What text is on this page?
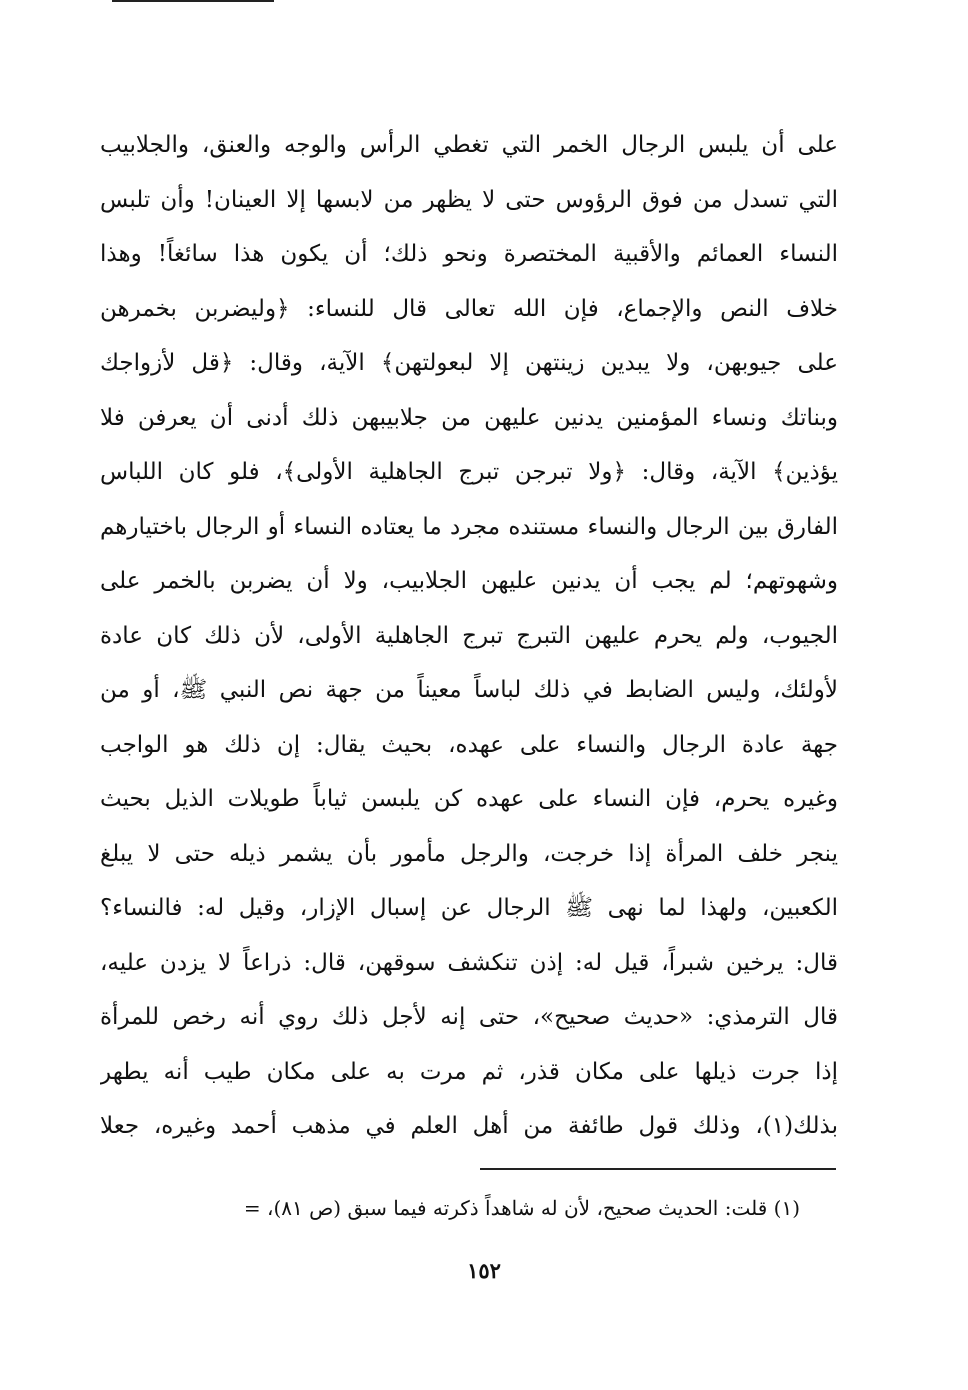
على أن يلبس الرجال الخمر التي تغطي الرأس والوجه والعنق، والجلابيب
التي تسدل من فوق الرؤوس حتى لا يظهر من لابسها إلا العينان! وأن تلبس
النساء العمائم والأقبية المختصرة ونحو ذلك؛ أن يكون هذا سائغاً! وهذا
خلاف النص والإجماع، فإن الله تعالى قال للنساء: ﴿وليضربن بخمرهن
على جيوبهن، ولا يبدين زينتهن إلا لبعولتهن﴾ الآية، وقال: ﴿قل لأزواجك
وبناتك ونساء المؤمنين يدنين عليهن من جلابيبهن ذلك أدنى أن يعرفن فلا
يؤذين﴾ الآية، وقال: ﴿ولا تبرجن تبرج الجاهلية الأولى﴾، فلو كان اللباس
الفارق بين الرجال والنساء مستنده مجرد ما يعتاده النساء أو الرجال باختيارهم
وشهوتهم؛ لم يجب أن يدنين عليهن الجلابيب، ولا أن يضربن بالخمر على
الجيوب، ولم يحرم عليهن التبرج تبرج الجاهلية الأولى، لأن ذلك كان عادة
لأولئك، وليس الضابط في ذلك لباساً معيناً من جهة نص النبي ﷺ، أو من
جهة عادة الرجال والنساء على عهده، بحيث يقال: إن ذلك هو الواجب
وغيره يحرم، فإن النساء على عهده كن يلبسن ثياباً طويلات الذيل بحيث
ينجر خلف المرأة إذا خرجت، والرجل مأمور بأن يشمر ذيله حتى لا يبلغ
الكعبين، ولهذا لما نهى ﷺ الرجال عن إسبال الإزار، وقيل له: فالنساء؟
قال: يرخين شبراً، قيل له: إذن تنكشف سوقهن، قال: ذراعاً لا يزدن عليه،
قال الترمذي: «حديث صحيح»، حتى إنه لأجل ذلك روي أنه رخص للمرأة
إذا جرت ذيلها على مكان قذر، ثم مرت به على مكان طيب أنه يطهر
بذلك(١)، وذلك قول طائفة من أهل العلم في مذهب أحمد وغيره، جعلا
(١) قلت: الحديث صحيح، لأن له شاهداً ذكرته فيما سبق (ص ٨١)، =
١٥٢
